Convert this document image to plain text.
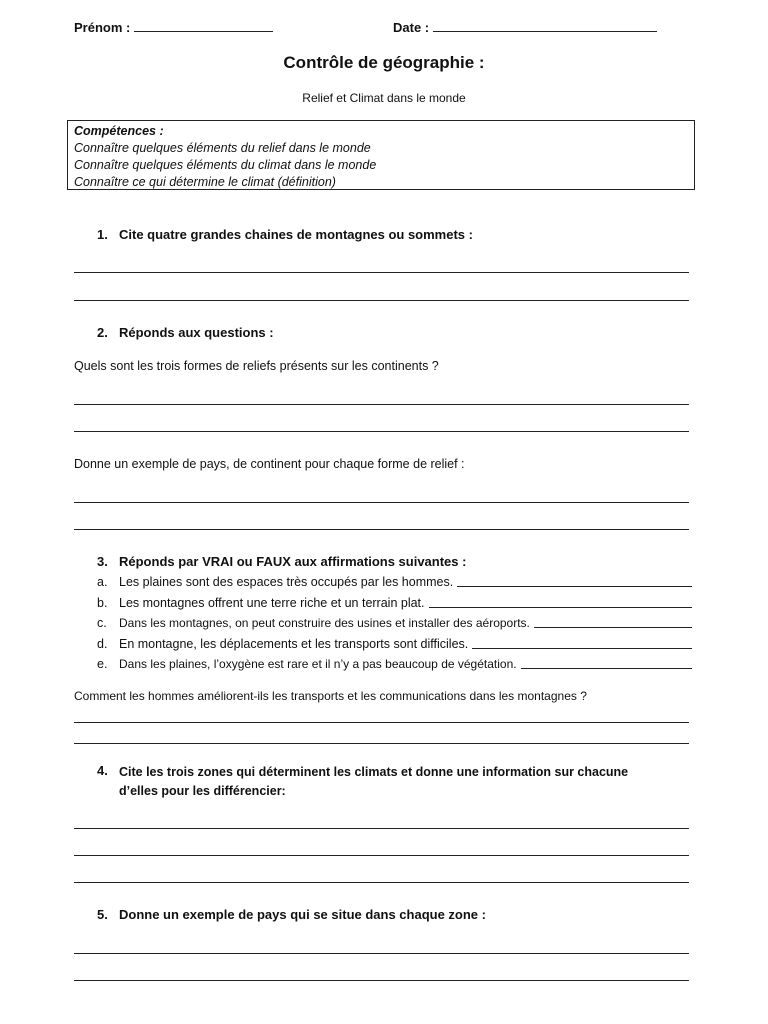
Prénom :	Date :
Contrôle de géographie :
Relief et Climat dans le monde
Compétences :
Connaître quelques éléments du relief dans le monde
Connaître quelques éléments du climat dans le monde
Connaître ce qui détermine le climat (définition)
1. Cite quatre grandes chaines de montagnes ou sommets :
2. Réponds aux questions :
Quels sont les trois formes de reliefs présents sur les continents ?
Donne un exemple de pays, de continent pour chaque forme de relief :
3. Réponds par VRAI ou FAUX aux affirmations suivantes :
a. Les plaines sont des espaces très occupés par les hommes.
b. Les montagnes offrent une terre riche et un terrain plat.
c.	Dans les montagnes, on peut construire des usines et installer des aéroports.
d. En montagne, les déplacements et les transports sont difficiles.
e. Dans les plaines, l’oxygène est rare et il n’y a pas beaucoup de végétation.
Comment les hommes améliorent-ils les transports et les communications dans les montagnes ?
4. Cite les trois zones qui déterminent les climats et donne une information sur chacune
d’elles pour les différencier:
5. Donne un exemple de pays qui se situe dans chaque zone :
